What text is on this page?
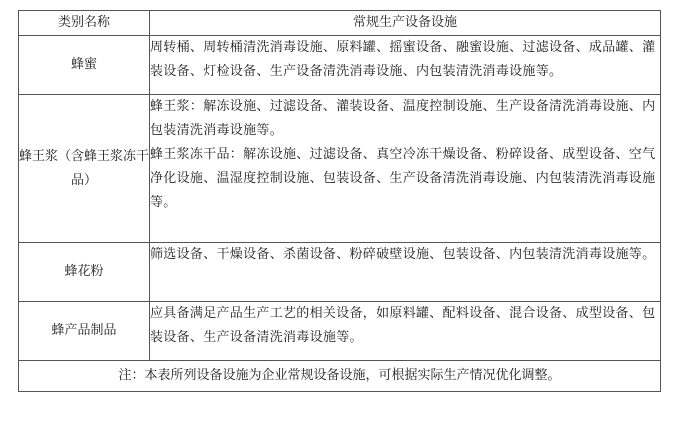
类别名称	常规生产设备设施
蜂蜜	周转桶、周转桶清洗消毒设施、原料罐、摇蜜设备、融蜜设施、过滤设备、成品罐、灌装设备、灯检设备、生产设备清洗消毒设施、内包装清洗消毒设施等。

蜂王浆（含蜂王浆冻干品）	蜂王浆：解冻设施、过滤设备、灌装设备、温度控制设施、生产设备清洗消毒设施、内包装清洗消毒设施等。

蜂王浆冻干品：解冻设施、过滤设备、真空冷冻干燥设备、粉碎设备、成型设备、空气净化设施、温湿度控制设施、包装设备、生产设备清洗消毒设施、内包装清洗消毒设施等。

蜂花粉	筛选设备、干燥设备、杀菌设备、粉碎破壁设施、包装设备、内包装清洗消毒设施等。

蜂产品制品	应具备满足产品生产工艺的相关设备，如原料罐、配料设备、混合设备、成型设备、包装设备、生产设备清洗消毒设施等。

注：本表所列设备设施为企业常规设备设施，可根据实际生产情况优化调整。	
